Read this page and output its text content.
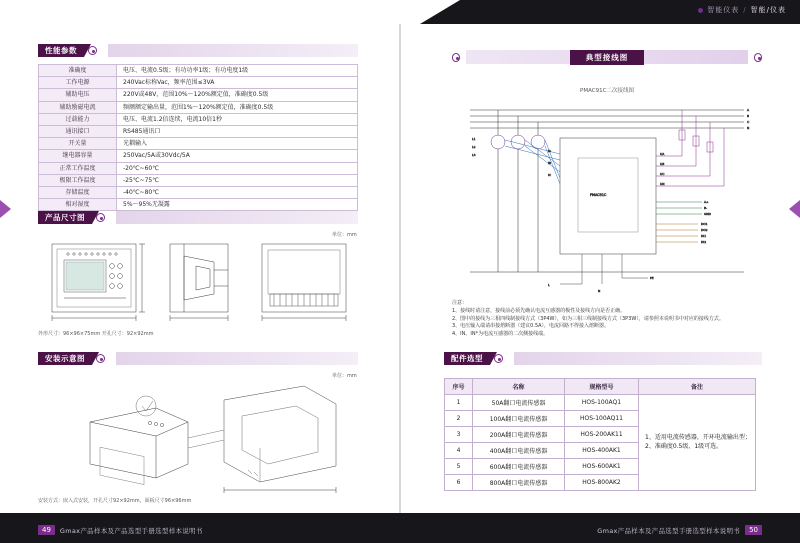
智能仪表 / 智能/仪表
49	Gmax产品样本及产品选型手册选型样本说明书	Gmax产品样本及产品选型手册选型样本说明书	50
性能参数
准确度	电压、电流0.5级；有功功率1级；有功电度1级
工作电源	240Vac标称Vac，频率范围≤3VA
辅助电压	220V或48V，范围10%～120%额定值，准确度0.5级
辅助励磁电流	频额额定输出量，范围1%～120%额定值，准确度0.5级
过载能力	电压、电流1.2倍连续，电流10倍1秒
通讯接口	RS485通讯口
开关量	光耦输入
继电器容量	250Vac/5A或30Vdc/5A
正常工作温度	-20℃~60℃
极限工作温度	-25℃~75℃
存储温度	-40℃~80℃
相对湿度	5%～95%无凝露
产品尺寸图
单位：mm
外形尺寸：96×96×75mm 开孔尺寸：92×92mm
安装示意图
单位：mm
安装方式：嵌入式安装，开孔尺寸92×92mm，面板尺寸96×96mm
典型接线图
PMAC91C二次接线图
PMAC91C
A
B
C
N
IA
IB
IC
UA
UB
UC
UN
A+
B-
GND
DO1
DO2
DI1
DI2
L
N
PE
L1
L2
L3
注意：
1、接线时请注意，接线前必须先确认电流互感器的极性及接线方向是否正确。
2、图中的接线为三相四线制接线方式（3P4W），如为三相三线制接线方式（3P3W），请参照本说明书中对应的接线方式。
3、电压输入端请串接熔断器（建议0.5A），电流回路不得接入熔断器。
4、IN、IN*为电流互感器的二次侧接线端。
配件选型
序号	名称	规格型号	备注
1	50A翻口电流传感器	HOS-100AQ1	1、适用电流传感器，开环电流输出型；
2、准确度0.5级、1级可选。

2	100A翻口电流传感器	HOS-100AQ11	
3	200A翻口电流传感器	HOS-200AK11	
4	400A翻口电流传感器	HOS-400AK1	
5	600A翻口电流传感器	HOS-600AK1	
6	800A翻口电流传感器	HOS-800AK2	
